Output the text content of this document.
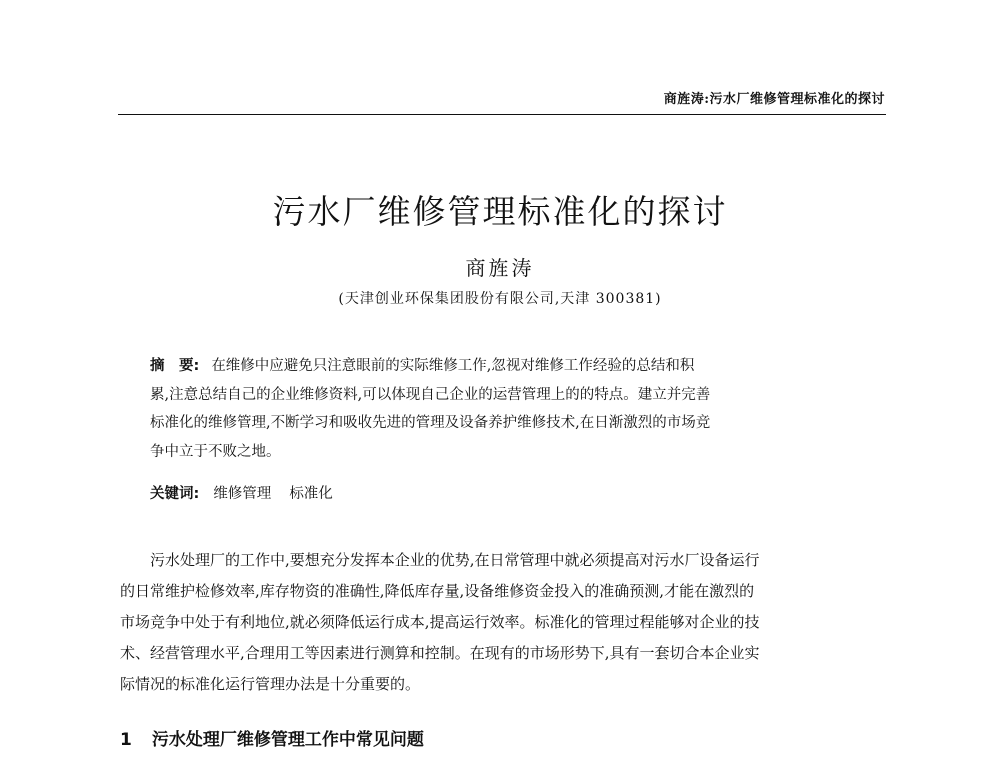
商旌涛:污水厂维修管理标准化的探讨
污水厂维修管理标准化的探讨
商旌涛
(天津创业环保集团股份有限公司,天津 300381)
摘　要: 在维修中应避免只注意眼前的实际维修工作,忽视对维修工作经验的总结和积
累,注意总结自己的企业维修资料,可以体现自己企业的运营管理上的的特点。建立并完善
标准化的维修管理,不断学习和吸收先进的管理及设备养护维修技术,在日渐激烈的市场竞
争中立于不败之地。
关键词: 维修管理 标准化
　　污水处理厂的工作中,要想充分发挥本企业的优势,在日常管理中就必须提高对污水厂设备运行
的日常维护检修效率,库存物资的准确性,降低库存量,设备维修资金投入的准确预测,才能在激烈的
市场竞争中处于有利地位,就必须降低运行成本,提高运行效率。标准化的管理过程能够对企业的技
术、经营管理水平,合理用工等因素进行测算和控制。在现有的市场形势下,具有一套切合本企业实
际情况的标准化运行管理办法是十分重要的。
1 污水处理厂维修管理工作中常见问题
